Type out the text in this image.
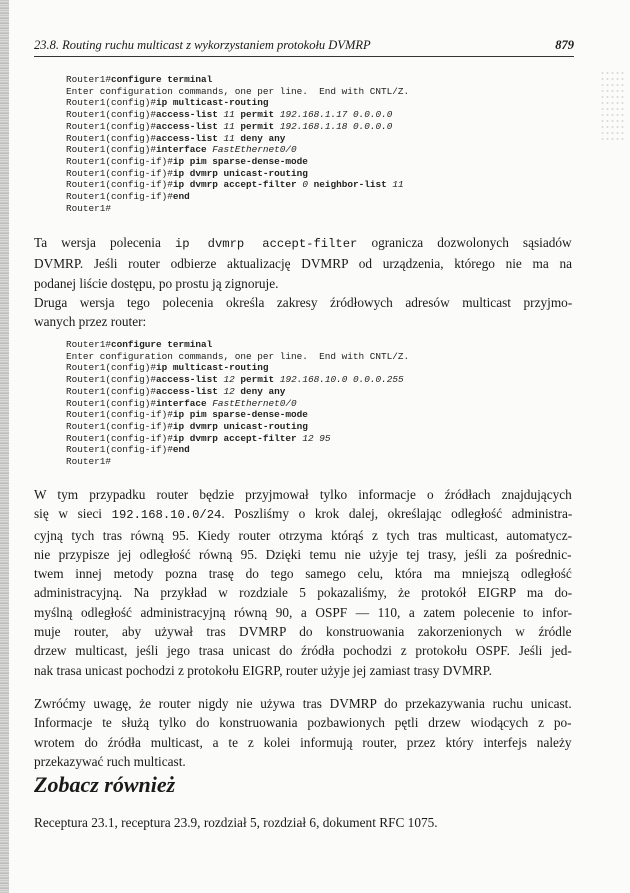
23.8. Routing ruchu multicast z wykorzystaniem protokołu DVMRP	879
Router1#configure terminal
Enter configuration commands, one per line.  End with CNTL/Z.
Router1(config)#ip multicast-routing
Router1(config)#access-list 11 permit 192.168.1.17 0.0.0.0
Router1(config)#access-list 11 permit 192.168.1.18 0.0.0.0
Router1(config)#access-list 11 deny any
Router1(config)#interface FastEthernet0/0
Router1(config-if)#ip pim sparse-dense-mode
Router1(config-if)#ip dvmrp unicast-routing
Router1(config-if)#ip dvmrp accept-filter 0 neighbor-list 11
Router1(config-if)#end
Router1#

Ta wersja polecenia ip dvmrp accept-filter ogranicza dozwolonych sąsiadów
DVMRP. Jeśli router odbierze aktualizację DVMRP od urządzenia, którego nie ma na
podanej liście dostępu, po prostu ją zignoruje.

Druga wersja tego polecenia określa zakresy źródłowych adresów multicast przyjmo-
wanych przez router:

Router1#configure terminal
Enter configuration commands, one per line.  End with CNTL/Z.
Router1(config)#ip multicast-routing
Router1(config)#access-list 12 permit 192.168.10.0 0.0.0.255
Router1(config)#access-list 12 deny any
Router1(config)#interface FastEthernet0/0
Router1(config-if)#ip pim sparse-dense-mode
Router1(config-if)#ip dvmrp unicast-routing
Router1(config-if)#ip dvmrp accept-filter 12 95
Router1(config-if)#end
Router1#

W tym przypadku router będzie przyjmował tylko informacje o źródłach znajdujących
się w sieci 192.168.10.0/24. Poszliśmy o krok dalej, określając odległość administra-
cyjną tych tras równą 95. Kiedy router otrzyma którąś z tych tras multicast, automatycz-
nie przypisze jej odległość równą 95. Dzięki temu nie użyje tej trasy, jeśli za pośrednic-
twem innej metody pozna trasę do tego samego celu, która ma mniejszą odległość
administracyjną. Na przykład w rozdziale 5 pokazaliśmy, że protokół EIGRP ma do-
myślną odległość administracyjną równą 90, a OSPF — 110, a zatem polecenie to infor-
muje router, aby używał tras DVMRP do konstruowania zakorzenionych w źródle
drzew multicast, jeśli jego trasa unicast do źródła pochodzi z protokołu OSPF. Jeśli jed-
nak trasa unicast pochodzi z protokołu EIGRP, router użyje jej zamiast trasy DVMRP.

Zwróćmy uwagę, że router nigdy nie używa tras DVMRP do przekazywania ruchu unicast.
Informacje te służą tylko do konstruowania pozbawionych pętli drzew wiodących z po-
wrotem do źródła multicast, a te z kolei informują router, przez który interfejs należy
przekazywać ruch multicast.

Zobacz również

Receptura 23.1, receptura 23.9, rozdział 5, rozdział 6, dokument RFC 1075.
